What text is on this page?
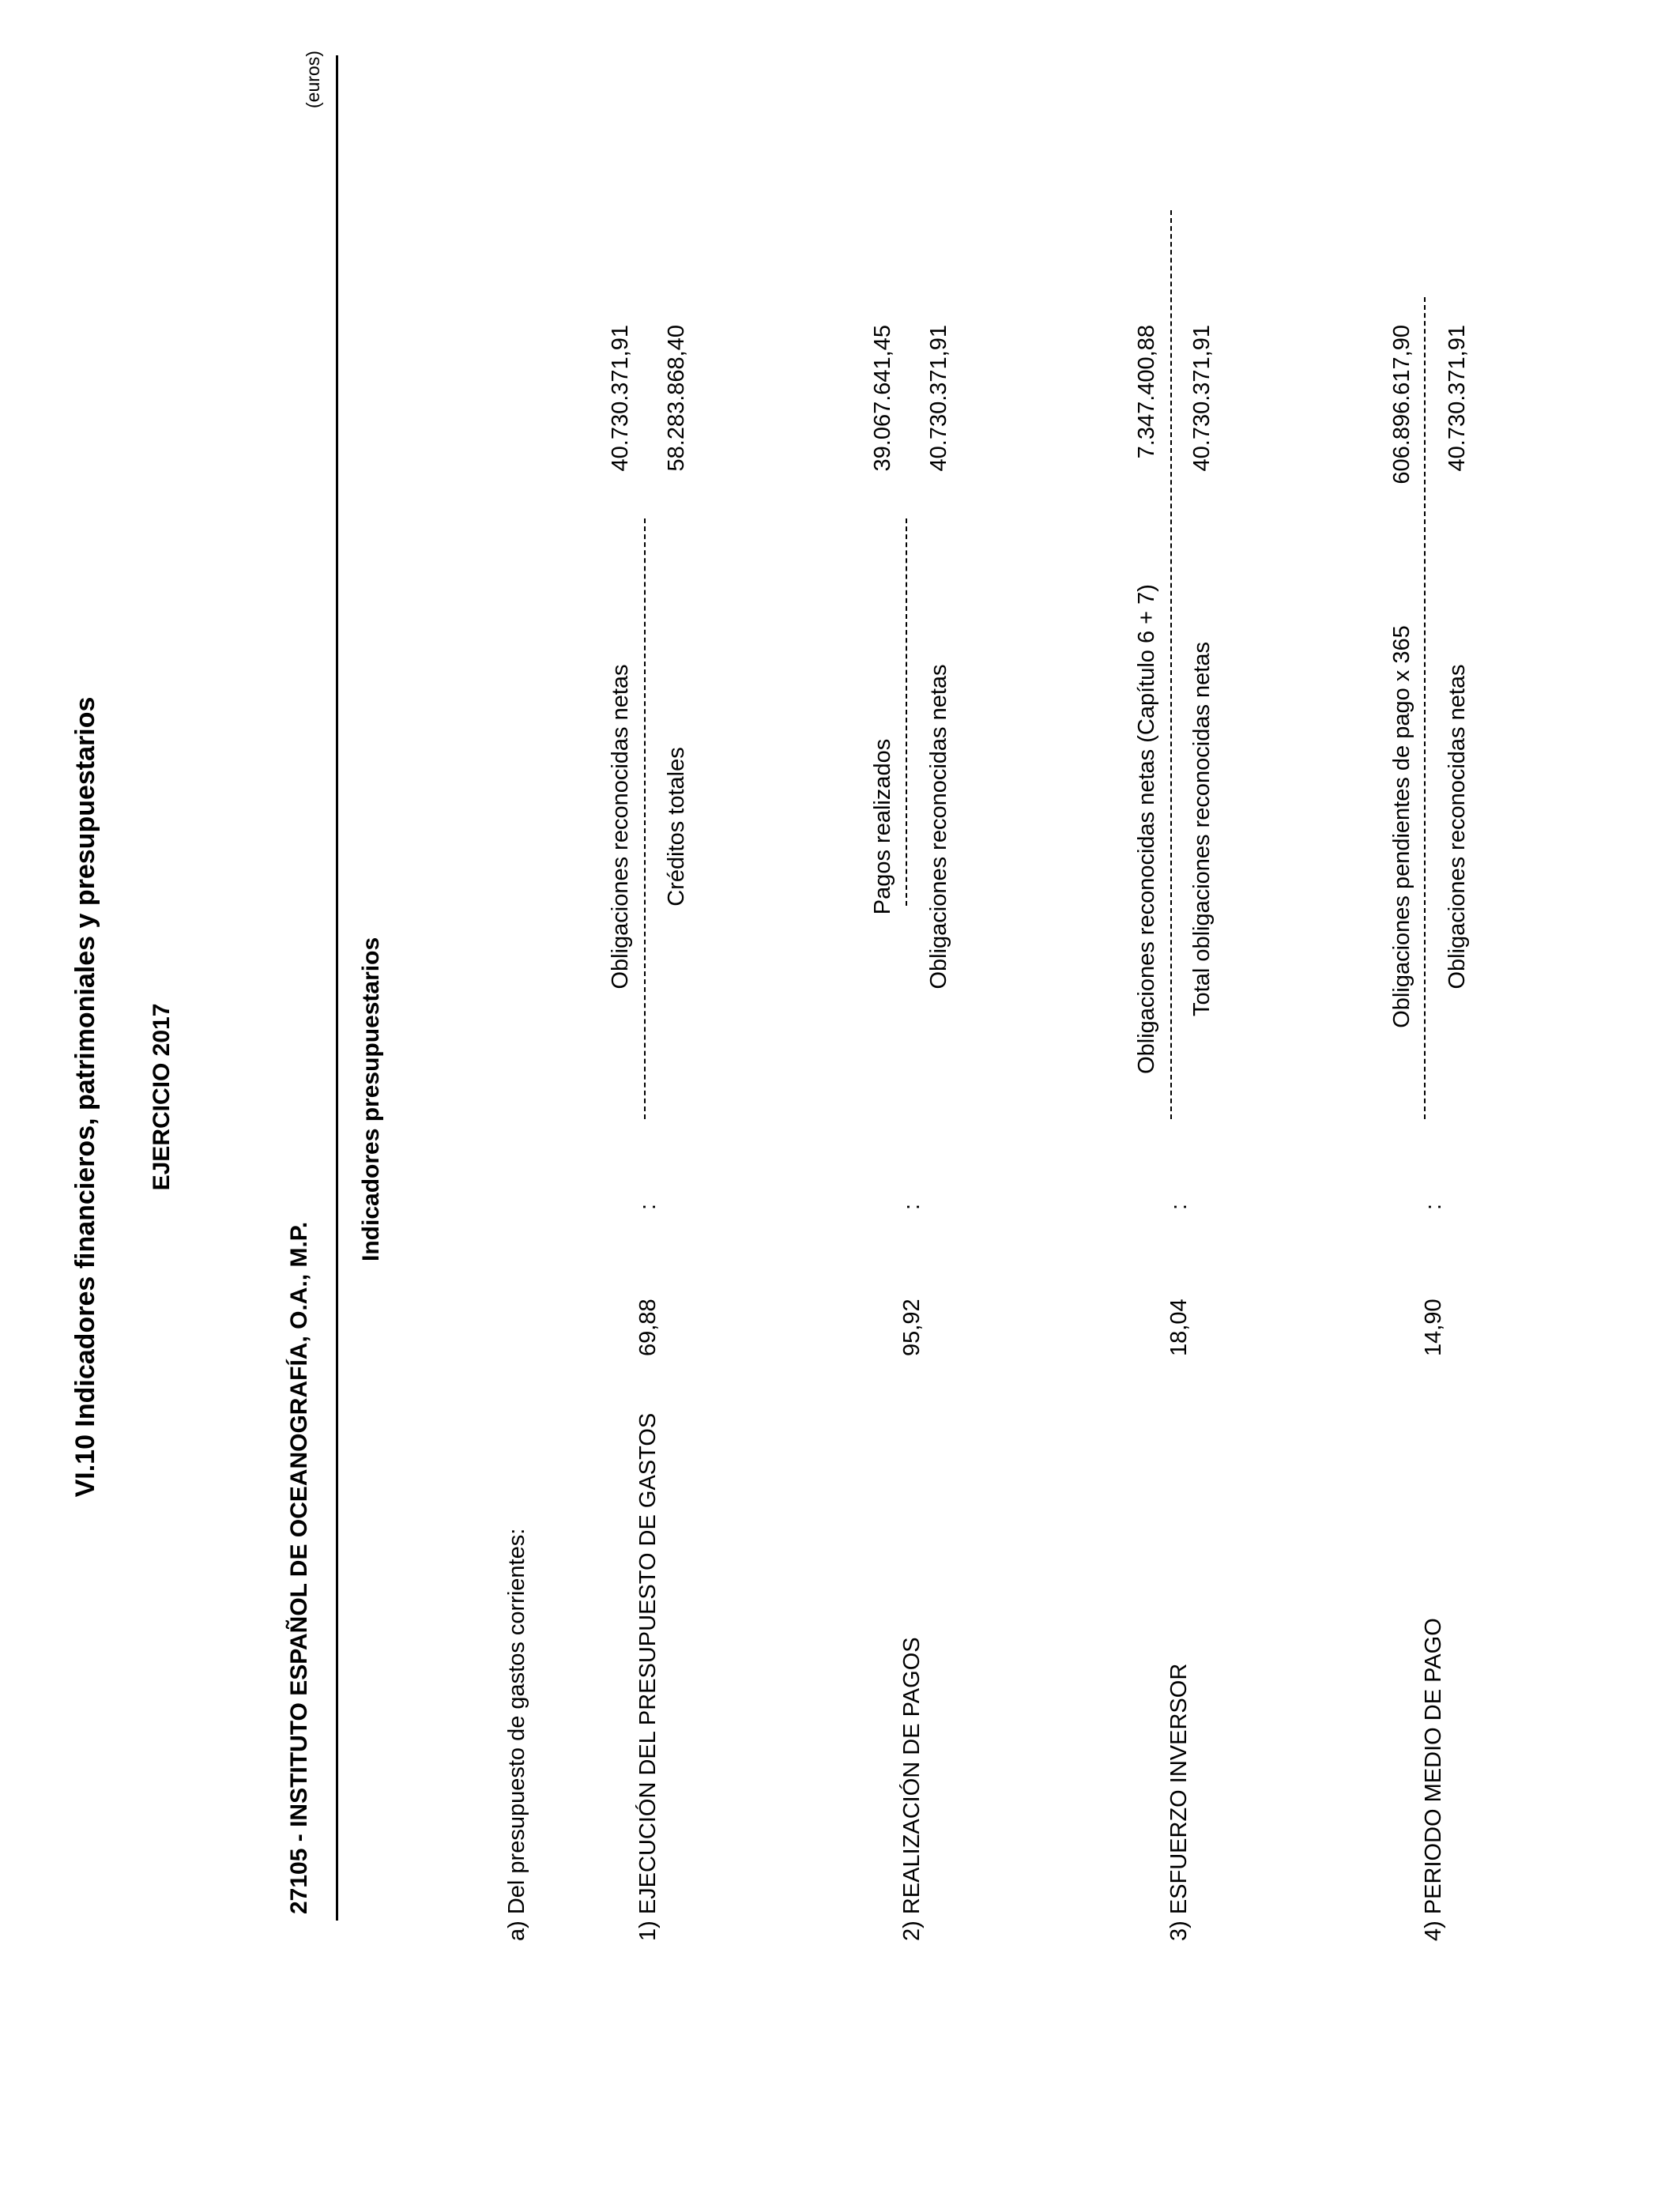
VI.10 Indicadores financieros, patrimoniales y presupuestarios EJERCICIO 2017
27105 - INSTITUTO ESPAÑOL DE OCEANOGRAFÍA, O.A., M.P.
(euros)
Indicadores presupuestarios
a) Del presupuesto de gastos corrientes:	1) EJECUCIÓN DEL PRESUPUESTO DE GASTOS
69,88
:
Obligaciones reconocidas netas Créditos totales
40.730.371,91 58.283.868,40
2) REALIZACIÓN DE PAGOS
95,92
:
Pagos realizados Obligaciones reconocidas netas
39.067.641,45 40.730.371,91
3) ESFUERZO INVERSOR
18,04
:
Obligaciones reconocidas netas (Capítulo 6 + 7) Total obligaciones reconocidas netas
7.347.400,88 40.730.371,91
4) PERIODO MEDIO DE PAGO
14,90
:
Obligaciones pendientes de pago x 365 Obligaciones reconocidas netas
606.896.617,90 40.730.371,91
